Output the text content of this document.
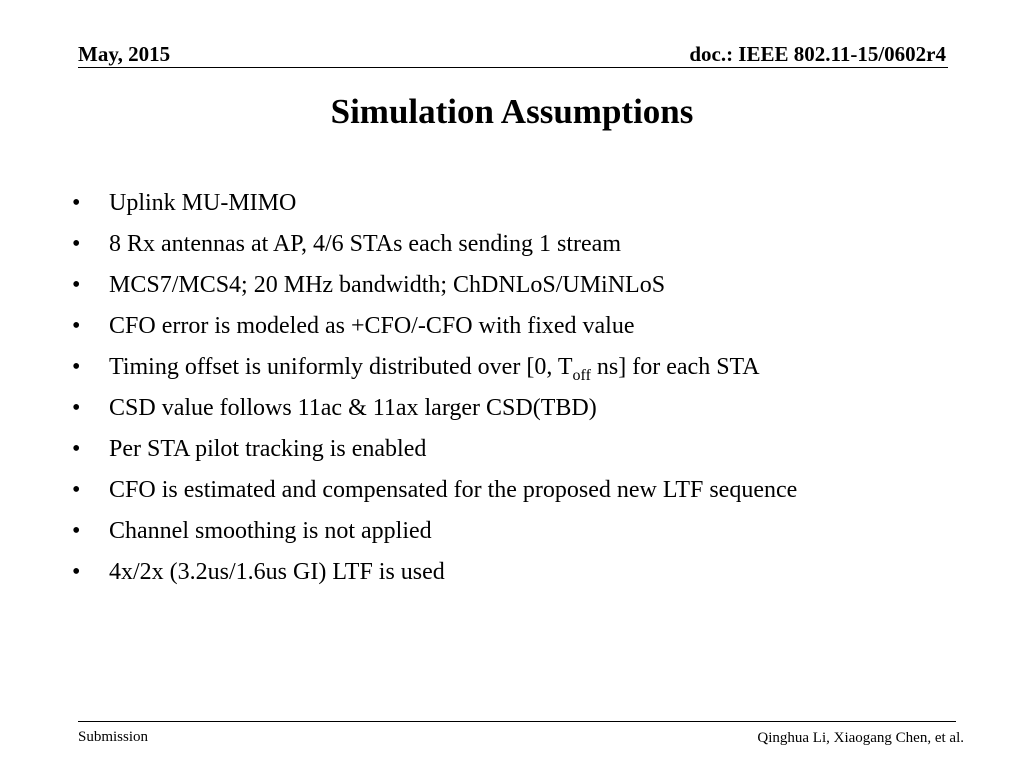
May, 2015	doc.: IEEE 802.11-15/0602r4
Simulation Assumptions
•	Uplink MU-MIMO
•	8 Rx antennas at AP, 4/6 STAs each sending 1 stream
•	MCS7/MCS4; 20 MHz bandwidth; ChDNLoS/UMiNLoS
•	CFO error is modeled as +CFO/-CFO with fixed value
•	Timing offset is uniformly distributed over [0, $T_{off}$ ns] for each STA
•	CSD value follows 11ac & 11ax larger CSD(TBD)
•	Per STA pilot tracking is enabled
•	CFO is estimated and compensated for the proposed new LTF sequence
•	Channel smoothing is not applied
•	4x/2x (3.2us/1.6us GI) LTF is used
Submission	Qinghua Li, Xiaogang Chen, et al.
